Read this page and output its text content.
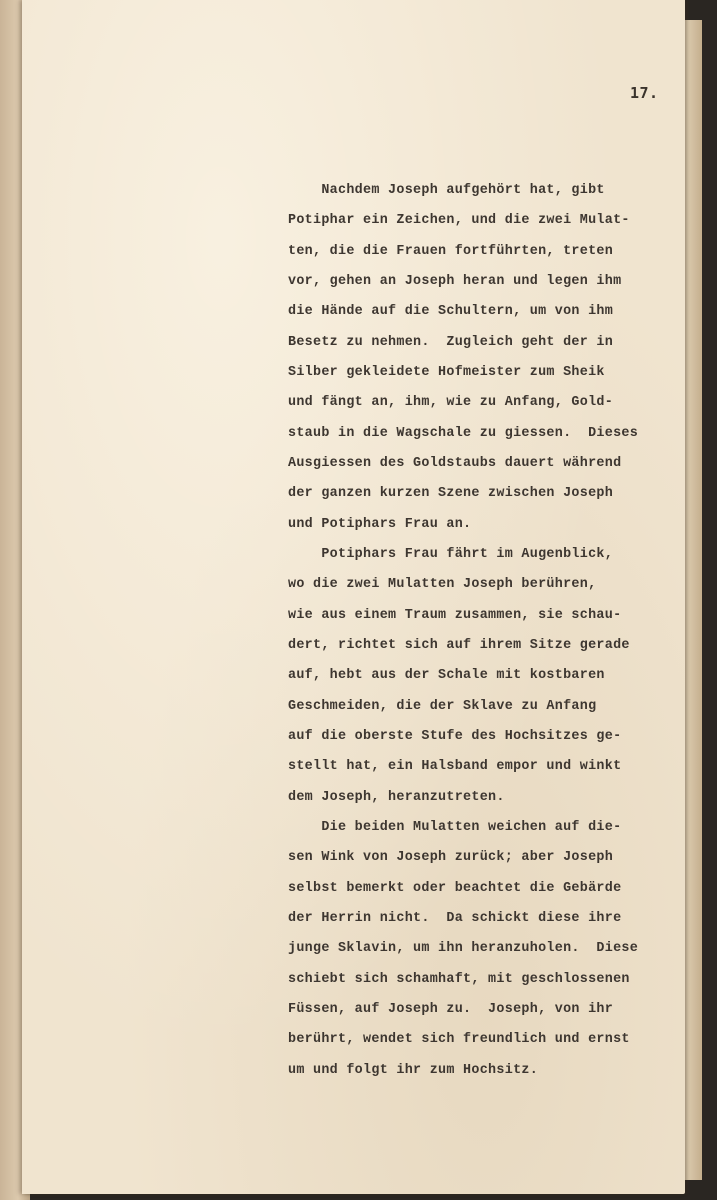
17.
Nachdem Joseph aufgehört hat, gibt
Potiphar ein Zeichen, und die zwei Mulat-
ten, die die Frauen fortführten, treten
vor, gehen an Joseph heran und legen ihm
die Hände auf die Schultern, um von ihm
Besetz zu nehmen.  Zugleich geht der in
Silber gekleidete Hofmeister zum Sheik
und fängt an, ihm, wie zu Anfang, Gold-
staub in die Wagschale zu giessen.  Dieses
Ausgiessen des Goldstaubs dauert während
der ganzen kurzen Szene zwischen Joseph
und Potiphars Frau an.
Potiphars Frau fährt im Augenblick,
wo die zwei Mulatten Joseph berühren,
wie aus einem Traum zusammen, sie schau-
dert, richtet sich auf ihrem Sitze gerade
auf, hebt aus der Schale mit kostbaren
Geschmeiden, die der Sklave zu Anfang
auf die oberste Stufe des Hochsitzes ge-
stellt hat, ein Halsband empor und winkt
dem Joseph, heranzutreten.
Die beiden Mulatten weichen auf die-
sen Wink von Joseph zurück; aber Joseph
selbst bemerkt oder beachtet die Gebärde
der Herrin nicht.  Da schickt diese ihre
junge Sklavin, um ihn heranzuholen.  Diese
schiebt sich schamhaft, mit geschlossenen
Füssen, auf Joseph zu.  Joseph, von ihr
berührt, wendet sich freundlich und ernst
um und folgt ihr zum Hochsitz.
